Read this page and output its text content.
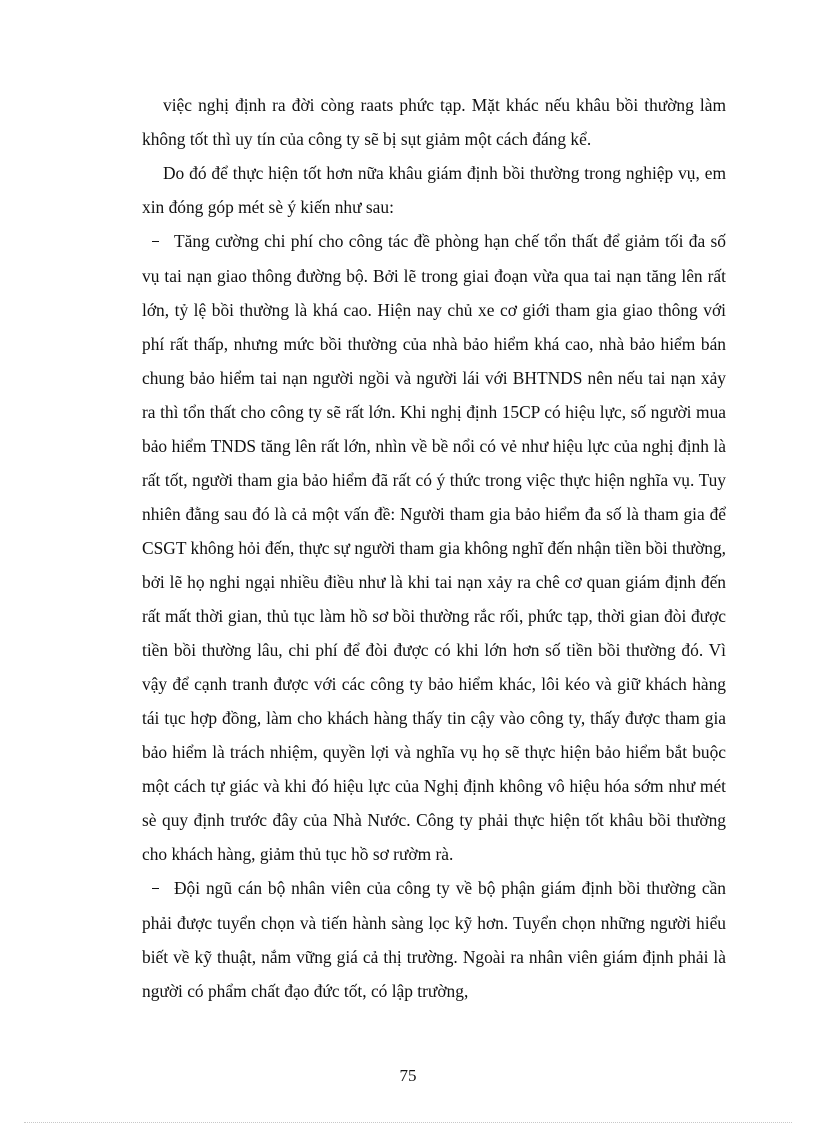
việc nghị định ra đời còng raats phức tạp. Mặt khác nếu khâu bồi thường làm không tốt thì uy tín của công ty sẽ bị sụt giảm một cách đáng kể.

Do đó để thực hiện tốt hơn nữa khâu giám định bồi thường trong nghiệp vụ, em xin đóng góp mét sè ý kiến như sau:

⎯ Tăng cường chi phí cho công tác đề phòng hạn chế tổn thất để giảm tối đa số vụ tai nạn giao thông đường bộ. Bởi lẽ trong giai đoạn vừa qua tai nạn tăng lên rất lớn, tỷ lệ bồi thường là khá cao. Hiện nay chủ xe cơ giới tham gia giao thông với phí rất thấp, nhưng mức bồi thường của nhà bảo hiểm khá cao, nhà bảo hiểm bán chung bảo hiểm tai nạn người ngồi và người lái với BHTNDS nên nếu tai nạn xảy ra thì tổn thất cho công ty sẽ rất lớn. Khi nghị định 15CP có hiệu lực, số người mua bảo hiểm TNDS tăng lên rất lớn, nhìn về bề nổi có vẻ như hiệu lực của nghị định là rất tốt, người tham gia bảo hiểm đã rất có ý thức trong việc thực hiện nghĩa vụ. Tuy nhiên đằng sau đó là cả một vấn đề: Người tham gia bảo hiểm đa số là tham gia để CSGT không hỏi đến, thực sự người tham gia không nghĩ đến nhận tiền bồi thường, bởi lẽ họ nghi ngại nhiều điều như là khi tai nạn xảy ra chê cơ quan giám định đến rất mất thời gian, thủ tục làm hồ sơ bồi thường rắc rối, phức tạp, thời gian đòi được tiền bồi thường lâu, chi phí để đòi được có khi lớn hơn số tiền bồi thường đó. Vì vậy để cạnh tranh được với các công ty bảo hiểm khác, lôi kéo và giữ khách hàng tái tục hợp đồng, làm cho khách hàng thấy tin cậy vào công ty, thấy được tham gia bảo hiểm là trách nhiệm, quyền lợi và nghĩa vụ họ sẽ thực hiện bảo hiểm bắt buộc một cách tự giác và khi đó hiệu lực của Nghị định không vô hiệu hóa sớm như mét sè quy định trước đây của Nhà Nước. Công ty phải thực hiện tốt khâu bồi thường cho khách hàng, giảm thủ tục hồ sơ rườm rà.

⎯ Đội ngũ cán bộ nhân viên của công ty về bộ phận giám định bồi thường cần phải được tuyển chọn và tiến hành sàng lọc kỹ hơn. Tuyển chọn những người hiểu biết về kỹ thuật, nắm vững giá cả thị trường. Ngoài ra nhân viên giám định phải là người có phẩm chất đạo đức tốt, có lập trường,

75
